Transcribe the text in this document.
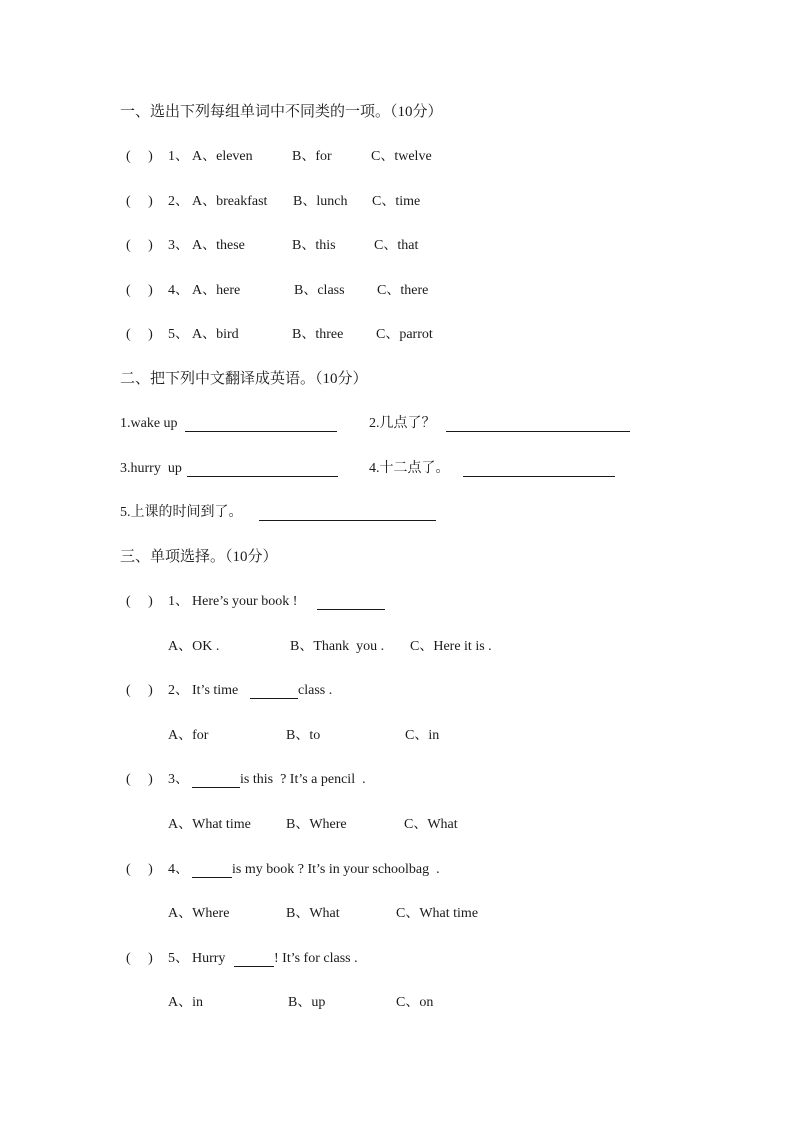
一、选出下列每组单词中不同类的一项。（10分）
(     ) 1、 A、eleven	B、for	C、twelve
(     ) 2、 A、breakfast B、lunch C、time
(     ) 3、 A、these	B、this	C、that
(     ) 4、 A、here	B、class C、there
(     ) 5、 A、bird	B、three C、parrot
二、把下列中文翻译成英语。（10分）
1.wake up	2.几点了？
3.hurry  up	4.十二点了。
5.上课的时间到了。
三、单项选择。（10分）
(     ) 1、 Here’s your book !
A、OK .	B、Thank  you . C、Here it is .
(     ) 2、 It’s time	class .
A、for	B、to	C、in
(     ) 3、	is this  ? It’s a pencil  .
A、What time	B、Where	C、What
(     ) 4、	is my book ? It’s in your schoolbag  .
A、Where	B、What	C、What time
(     ) 5、 Hurry	! It’s for class .
A、in	B、up	C、on
